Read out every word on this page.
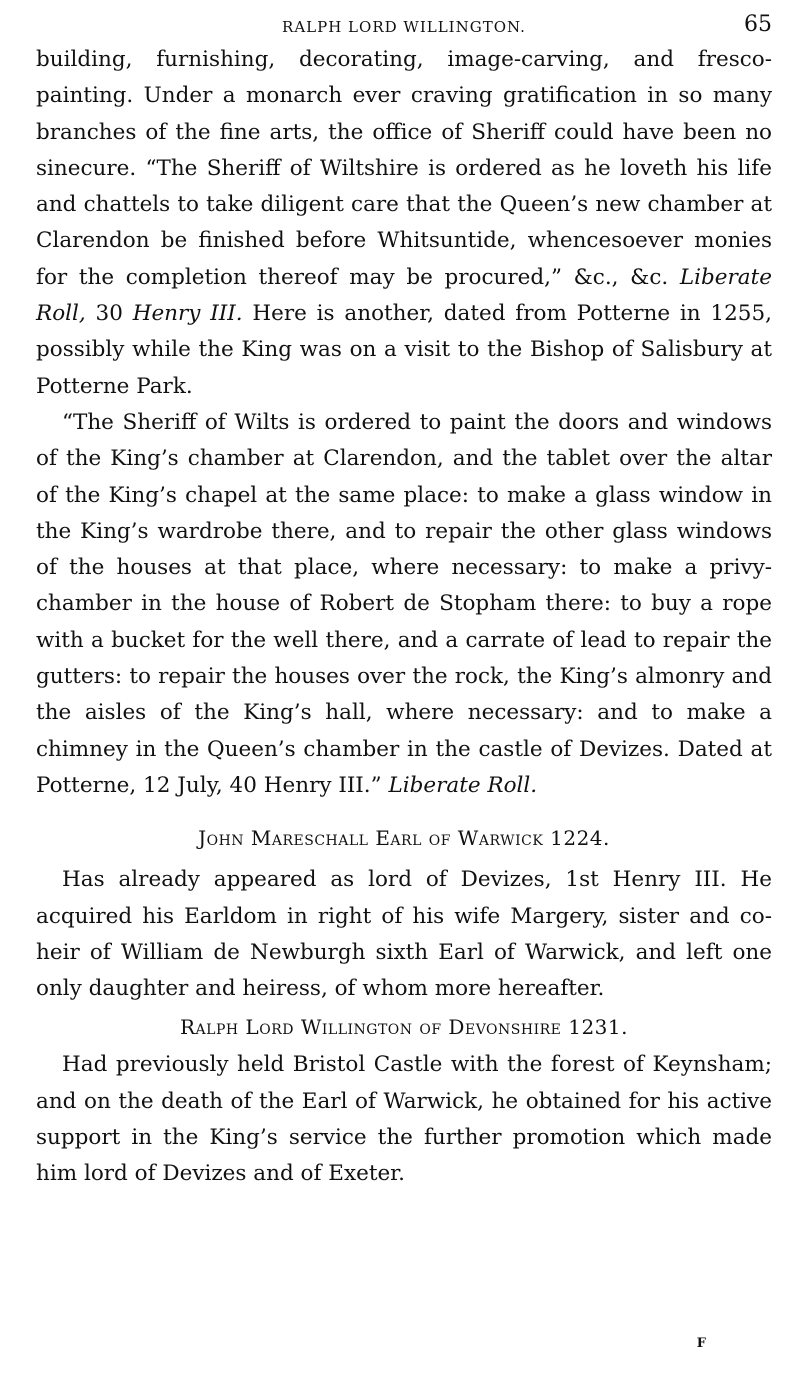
RALPH LORD WILLINGTON.	65

building, furnishing, decorating, image-carving, and fresco-painting. Under a monarch ever craving gratification in so many branches of the fine arts, the office of Sheriff could have been no sinecure. “The Sheriff of Wiltshire is ordered as he loveth his life and chattels to take diligent care that the Queen’s new chamber at Clarendon be finished before Whitsuntide, whencesoever monies for the completion thereof may be procured,” &c., &c. Liberate Roll, 30 Henry III. Here is another, dated from Potterne in 1255, possibly while the King was on a visit to the Bishop of Salisbury at Potterne Park.

“The Sheriff of Wilts is ordered to paint the doors and windows of the King’s chamber at Clarendon, and the tablet over the altar of the King’s chapel at the same place: to make a glass window in the King’s wardrobe there, and to repair the other glass windows of the houses at that place, where necessary: to make a privy-chamber in the house of Robert de Stopham there: to buy a rope with a bucket for the well there, and a carrate of lead to repair the gutters: to repair the houses over the rock, the King’s almonry and the aisles of the King’s hall, where necessary: and to make a chimney in the Queen’s chamber in the castle of Devizes. Dated at Potterne, 12 July, 40 Henry III.” Liberate Roll.

John Mareschall Earl of Warwick 1224.

Has already appeared as lord of Devizes, 1st Henry III. He acquired his Earldom in right of his wife Margery, sister and co-heir of William de Newburgh sixth Earl of Warwick, and left one only daughter and heiress, of whom more hereafter.

Ralph Lord Willington of Devonshire 1231.

Had previously held Bristol Castle with the forest of Keynsham; and on the death of the Earl of Warwick, he obtained for his active support in the King’s service the further promotion which made him lord of Devizes and of Exeter.

F
